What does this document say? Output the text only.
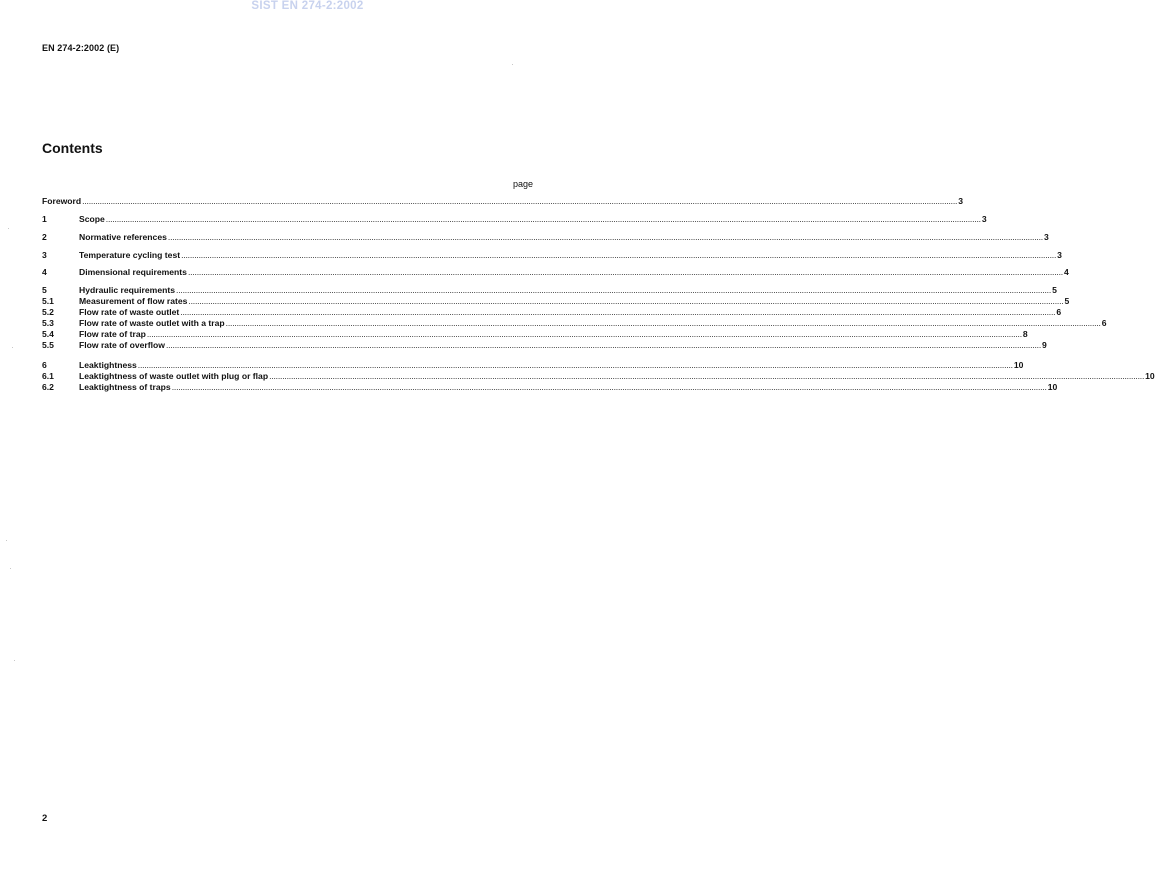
SIST EN 274-2:2002
EN 274-2:2002 (E)
Contents
page
Foreword ................................................................................................................................................................................................................................................................................................................................................................................................................ 3
1	Scope ................................................................................................................................................................................................................................................................................................................................................................................................................ 3
2	Normative references ................................................................................................................................................................................................................................................................................................................................................................................................................ 3
3	Temperature cycling test ................................................................................................................................................................................................................................................................................................................................................................................................................ 3
4	Dimensional requirements ................................................................................................................................................................................................................................................................................................................................................................................................................ 4
5	Hydraulic requirements ................................................................................................................................................................................................................................................................................................................................................................................................................ 5
5.1	Measurement of flow rates ................................................................................................................................................................................................................................................................................................................................................................................................................ 5
5.2	Flow rate of waste outlet ................................................................................................................................................................................................................................................................................................................................................................................................................ 6
5.3	Flow rate of waste outlet with a trap ................................................................................................................................................................................................................................................................................................................................................................................................................ 6
5.4	Flow rate of trap ................................................................................................................................................................................................................................................................................................................................................................................................................ 8
5.5	Flow rate of overflow ................................................................................................................................................................................................................................................................................................................................................................................................................ 9
6	Leaktightness ................................................................................................................................................................................................................................................................................................................................................................................................................ 10
6.1	Leaktightness of waste outlet with plug or flap ................................................................................................................................................................................................................................................................................................................................................................................................................ 10
6.2	Leaktightness of traps ................................................................................................................................................................................................................................................................................................................................................................................................................ 10
2
